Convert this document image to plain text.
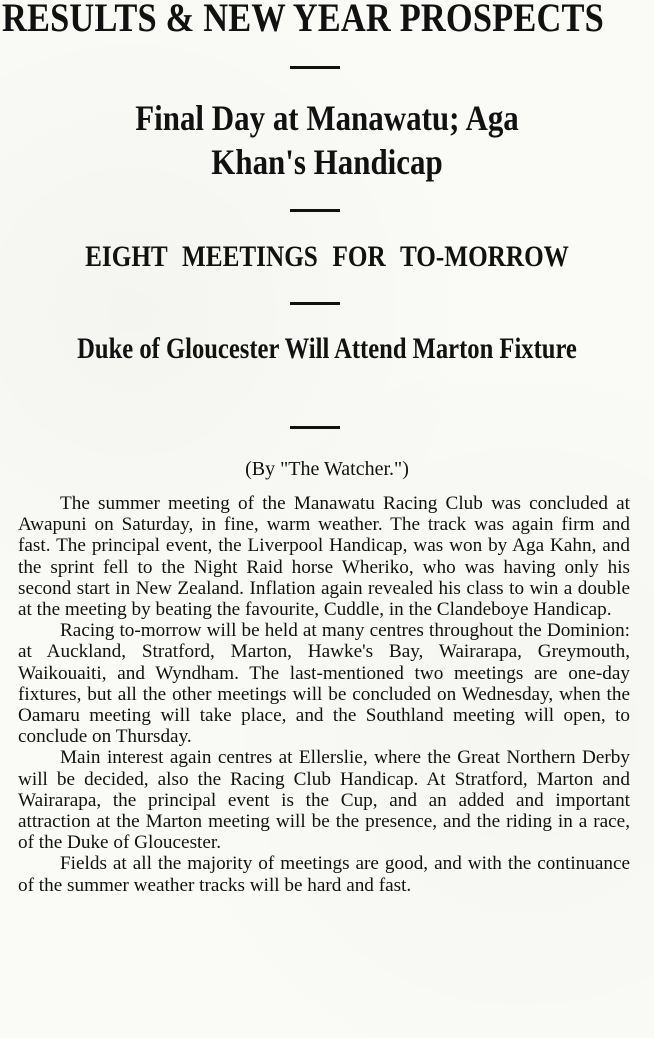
RESULTS & NEW YEAR PROSPECTS
Final Day at Manawatu; Aga Khan's Handicap
EIGHT MEETINGS FOR TO-MORROW
Duke of Gloucester Will Attend Marton Fixture

(By "The Watcher.")

The summer meeting of the Manawatu Racing Club was concluded at Awapuni on Saturday, in fine, warm weather. The track was again firm and fast. The principal event, the Liverpool Handicap, was won by Aga Kahn, and the sprint fell to the Night Raid horse Wheriko, who was having only his second start in New Zealand. Inflation again revealed his class to win a double at the meeting by beating the favourite, Cuddle, in the Clandeboye Handicap.

Racing to-morrow will be held at many centres throughout the Dominion: at Auckland, Stratford, Marton, Hawke's Bay, Wairarapa, Greymouth, Waikouaiti, and Wyndham. The last-mentioned two meetings are one-day fixtures, but all the other meetings will be concluded on Wednesday, when the Oamaru meeting will take place, and the Southland meeting will open, to conclude on Thursday.

Main interest again centres at Ellerslie, where the Great Northern Derby will be decided, also the Racing Club Handicap. At Stratford, Marton and Wairarapa, the principal event is the Cup, and an added and important attraction at the Marton meeting will be the presence, and the riding in a race, of the Duke of Gloucester.

Fields at all the majority of meetings are good, and with the continuance of the summer weather tracks will be hard and fast.
